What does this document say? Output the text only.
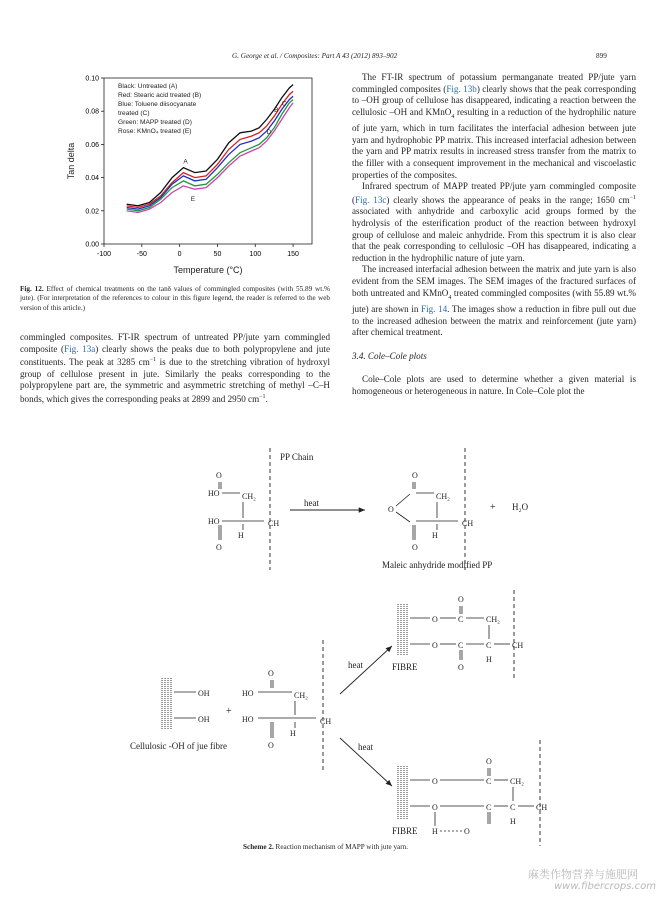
G. George et al. / Composites: Part A 43 (2012) 893–902	899
-100	-50	0	50	100	150
0.00
0.02
0.04
0.06
0.08
0.10
A
B
C
D
E
Black: Untreated (A)
Red: Stearic acid treated (B)
Blue: Toluene diisocyanate
treated (C)
Green: MAPP treated (D)
Rose: KMnO₄ treated (E)
Tan delta
Temperature (°C)
Fig. 12. Effect of chemical treatments on the tanδ values of commingled composites (with 55.89 wt.% jute). (For interpretation of the references to colour in this figure legend, the reader is referred to the web version of this article.)

commingled composites. FT-IR spectrum of untreated PP/jute yarn commingled composite (Fig. 13a) clearly shows the peaks due to both polypropylene and jute constituents. The peak at 3285 $cm^{-1}$ is due to the stretching vibration of hydroxyl group of cellulose present in jute. Similarly the peaks corresponding to the polypropylene part are, the symmetric and asymmetric stretching of methyl –C–H bonds, which gives the corresponding peaks at 2899 and 2950 $cm^{-1}$.

The FT-IR spectrum of potassium permanganate treated PP/jute yarn commingled composites (Fig. 13b) clearly shows that the peak corresponding to –OH group of cellulose has disappeared, indicating a reaction between the cellulosic –OH and KMnO$_4$ resulting in a reduction of the hydrophilic nature of jute yarn, which in turn facilitates the interfacial adhesion between jute yarn and hydrophobic PP matrix. This increased interfacial adhesion between the yarn and PP matrix results in increased stress transfer from the matrix to the filler with a consequent improvement in the mechanical and viscoelastic properties of the composites.

Infrared spectrum of MAPP treated PP/jute yarn commingled composite (Fig. 13c) clearly shows the appearance of peaks in the range; 1650 $cm^{-1}$ associated with anhydride and carboxylic acid groups formed by the hydrolysis of the esterification product of the reaction between hydroxyl group of cellulose and maleic anhydride. From this spectrum it is also clear that the peak corresponding to cellulosic –OH has disappeared, indicating a reduction in the hydrophilic nature of jute yarn.

The increased interfacial adhesion between the matrix and jute yarn is also evident from the SEM images. The SEM images of the fractured surfaces of both untreated and KMnO$_4$ treated commingled composites (with 55.89 wt.% jute) are shown in Fig. 14. The images show a reduction in fibre pull out due to the increased adhesion between the matrix and reinforcement (jute yarn) after chemical treatment.

3.4. Cole–Cole plots

Cole–Cole plots are used to determine whether a given material is homogeneous or heterogeneous in nature. In Cole–Cole plot the

HO
HO
O
O
CH₂
H
CH
PP Chain
heat
O
O
O
CH₂
H
CH
+ H₂O
Maleic anhydride modified PP
OH
OH
Cellulosic -OH of jue fibre
+
HO
HO
O
O
CH₂
H
CH
heat
heat
O
O
C
C
O
O
CH₂
C
H
CH
FIBRE
O
O
H	O
C
C
O
CH₂
C
H
CH
FIBRE
Scheme 2. Reaction mechanism of MAPP with jute yarn.
麻类作物营养与施肥网
www.fibercrops.com
